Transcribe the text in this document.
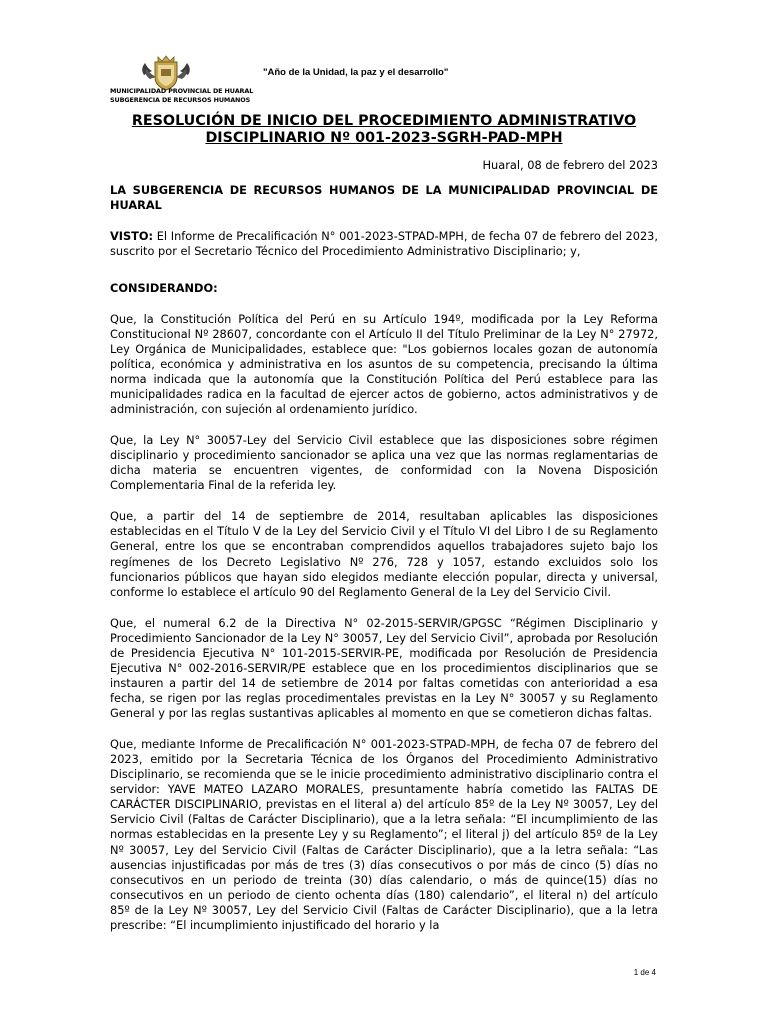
MUNICIPALIDAD PROVINCIAL DE HUARAL
SUBGERENCIA DE RECURSOS HUMANOS
"Año de la Unidad, la paz y el desarrollo"
RESOLUCIÓN DE INICIO DEL PROCEDIMIENTO ADMINISTRATIVO
DISCIPLINARIO Nº 001-2023-SGRH-PAD-MPH
Huaral, 08 de febrero del 2023

LA SUBGERENCIA DE RECURSOS HUMANOS DE LA MUNICIPALIDAD PROVINCIAL DE HUARAL

VISTO: El Informe de Precalificación N° 001-2023-STPAD-MPH, de fecha 07 de febrero del 2023, suscrito por el Secretario Técnico del Procedimiento Administrativo Disciplinario; y,

CONSIDERANDO:

Que, la Constitución Política del Perú en su Artículo 194º, modificada por la Ley Reforma Constitucional Nº 28607, concordante con el Artículo II del Título Preliminar de la Ley N° 27972, Ley Orgánica de Municipalidades, establece que: "Los gobiernos locales gozan de autonomía política, económica y administrativa en los asuntos de su competencia, precisando la última norma indicada que la autonomía que la Constitución Política del Perú establece para las municipalidades radica en la facultad de ejercer actos de gobierno, actos administrativos y de administración, con sujeción al ordenamiento jurídico.

Que, la Ley N° 30057-Ley del Servicio Civil establece que las disposiciones sobre régimen disciplinario y procedimiento sancionador se aplica una vez que las normas reglamentarias de dicha materia se encuentren vigentes, de conformidad con la Novena Disposición Complementaria Final de la referida ley.

Que, a partir del 14 de septiembre de 2014, resultaban aplicables las disposiciones establecidas en el Título V de la Ley del Servicio Civil y el Título VI del Libro I de su Reglamento General, entre los que se encontraban comprendidos aquellos trabajadores sujeto bajo los regímenes de los Decreto Legislativo Nº 276, 728 y 1057, estando excluidos solo los funcionarios públicos que hayan sido elegidos mediante elección popular, directa y universal, conforme lo establece el artículo 90 del Reglamento General de la Ley del Servicio Civil.

Que, el numeral 6.2 de la Directiva N° 02-2015-SERVIR/GPGSC “Régimen Disciplinario y Procedimiento Sancionador de la Ley N° 30057, Ley del Servicio Civil”, aprobada por Resolución de Presidencia Ejecutiva N° 101-2015-SERVIR-PE, modificada por Resolución de Presidencia Ejecutiva N° 002-2016-SERVIR/PE establece que en los procedimientos disciplinarios que se instauren a partir del 14 de setiembre de 2014 por faltas cometidas con anterioridad a esa fecha, se rigen por las reglas procedimentales previstas en la Ley N° 30057 y su Reglamento General y por las reglas sustantivas aplicables al momento en que se cometieron dichas faltas.

Que, mediante Informe de Precalificación N° 001-2023-STPAD-MPH, de fecha 07 de febrero del 2023, emitido por la Secretaria Técnica de los Órganos del Procedimiento Administrativo Disciplinario, se recomienda que se le inicie procedimiento administrativo disciplinario contra el servidor: YAVE MATEO LAZARO MORALES, presuntamente habría cometido las FALTAS DE CARÁCTER DISCIPLINARIO, previstas en el literal a) del artículo 85º de la Ley Nº 30057, Ley del Servicio Civil (Faltas de Carácter Disciplinario), que a la letra señala: “El incumplimiento de las normas establecidas en la presente Ley y su Reglamento”; el literal j) del artículo 85º de la Ley Nº 30057, Ley del Servicio Civil (Faltas de Carácter Disciplinario), que a la letra señala: “Las ausencias injustificadas por más de tres (3) días consecutivos o por más de cinco (5) días no consecutivos en un periodo de treinta (30) días calendario, o más de quince(15) días no consecutivos en un periodo de ciento ochenta días (180) calendario”, el literal n) del artículo 85º de la Ley Nº 30057, Ley del Servicio Civil (Faltas de Carácter Disciplinario), que a la letra prescribe: “El incumplimiento injustificado del horario y la

1 de 4
